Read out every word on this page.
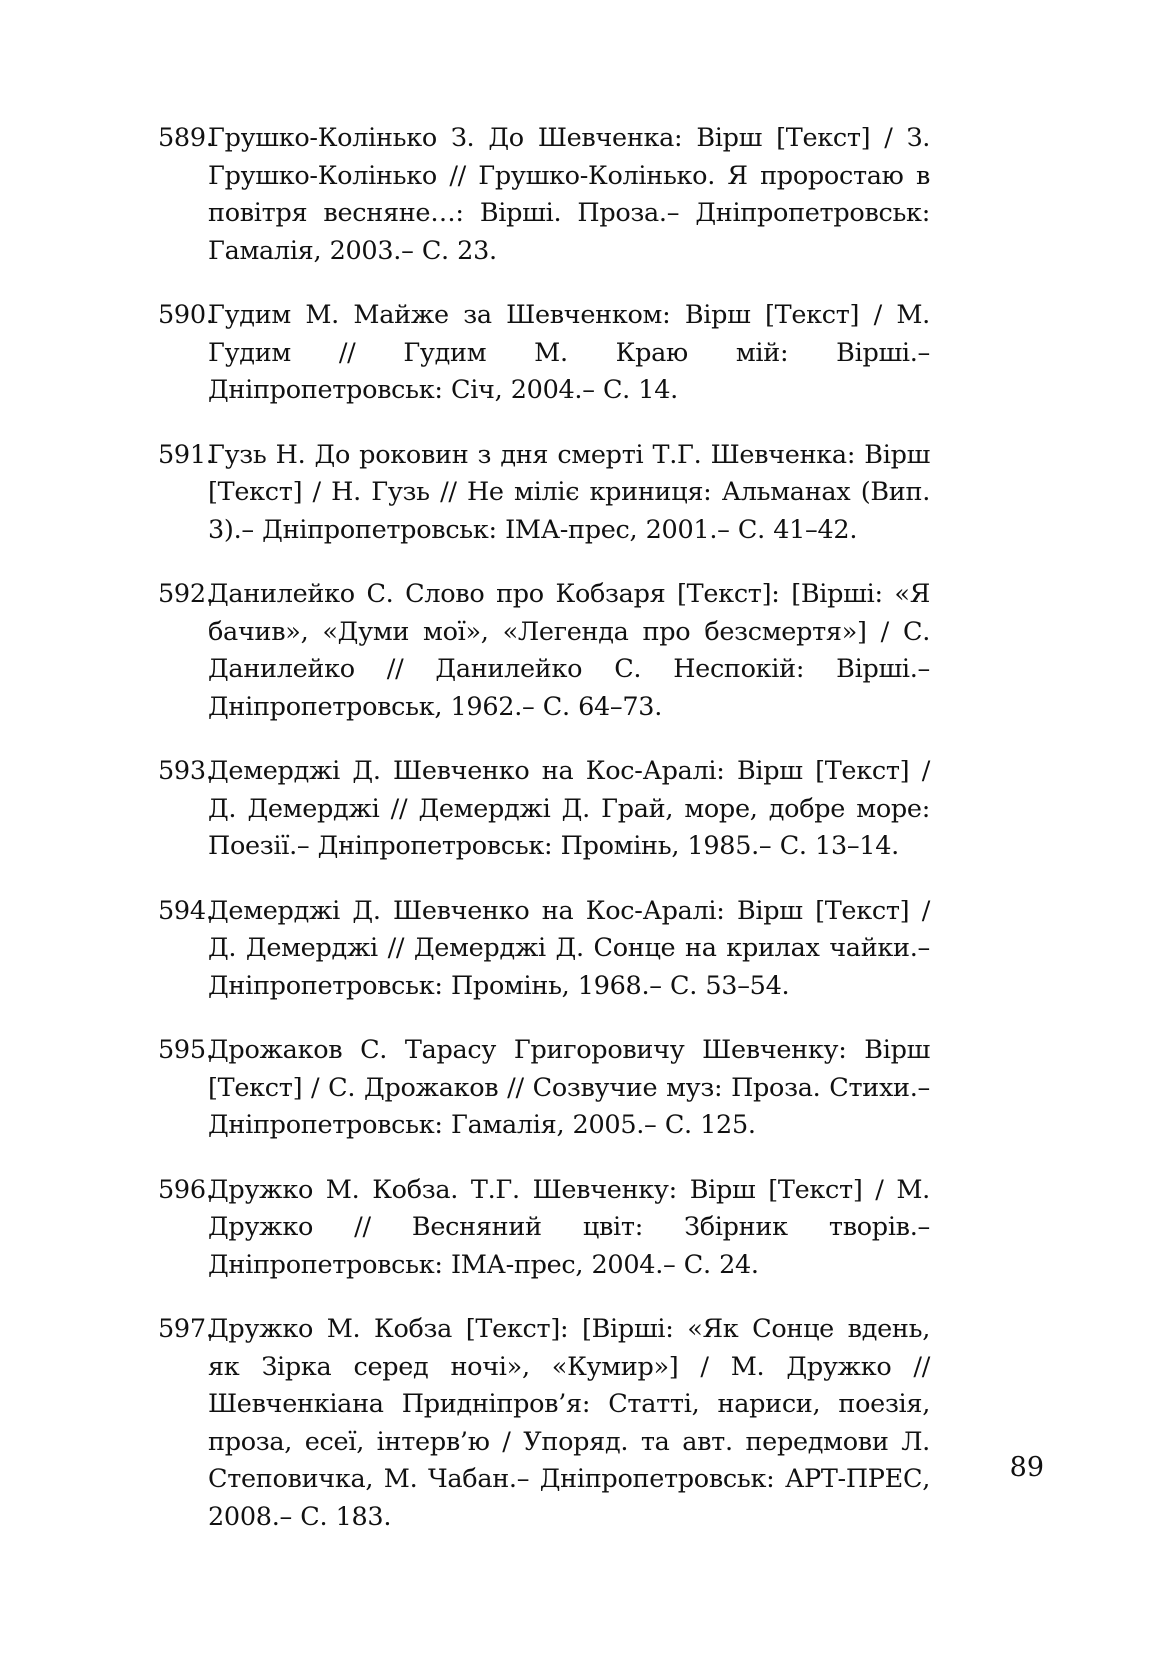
589.
Грушко-Колінько З. До Шевченка: Вірш [Текст] / З. Грушко-Колінько // Грушко-Колінько. Я проростаю в повітря весняне…: Вірші. Проза.– Дніпропетровськ: Гамалія, 2003.– С. 23.
590.
Гудим М. Майже за Шевченком: Вірш [Текст] / М. Гудим // Гудим М. Краю мій: Вірші.– Дніпропетровськ: Січ, 2004.– С. 14.
591.
Гузь Н. До роковин з дня смерті Т.Г. Шевченка: Вірш [Текст] / Н. Гузь // Не міліє криниця: Альманах (Вип. 3).– Дніпропетровськ: ІМА-прес, 2001.– С. 41–42.
592.
Данилейко С. Слово про Кобзаря [Текст]: [Вірші: «Я бачив», «Думи мої», «Легенда про безсмертя»] / С. Данилейко // Данилейко С. Неспокій: Вірші.– Дніпропетровськ, 1962.– С. 64–73.
593.
Демерджі Д. Шевченко на Кос-Аралі: Вірш [Текст] / Д. Демерджі // Демерджі Д. Грай, море, добре море: Поезії.– Дніпропетровськ: Промінь, 1985.– С. 13–14.
594.
Демерджі Д. Шевченко на Кос-Аралі: Вірш [Текст] / Д. Демерджі // Демерджі Д. Сонце на крилах чайки.– Дніпропетровськ: Промінь, 1968.– С. 53–54.
595.
Дрожаков С. Тарасу Григоровичу Шевченку: Вірш [Текст] / С. Дрожаков // Созвучие муз: Проза. Стихи.– Дніпропетровськ: Гамалія, 2005.– С. 125.
596.
Дружко М. Кобза. Т.Г. Шевченку: Вірш [Текст] / М. Дружко // Весняний цвіт: Збірник творів.– Дніпропетровськ: ІМА-прес, 2004.– С. 24.
597.
Дружко М. Кобза [Текст]: [Вірші: «Як Сонце вдень, як Зірка серед ночі», «Кумир»] / М. Дружко // Шевченкіана Придніпров’я: Статті, нариси, поезія, проза, есеї, інтерв’ю / Упоряд. та авт. передмови Л. Степовичка, М. Чабан.– Дніпропетровськ: АРТ-ПРЕС, 2008.– С. 183.
89
